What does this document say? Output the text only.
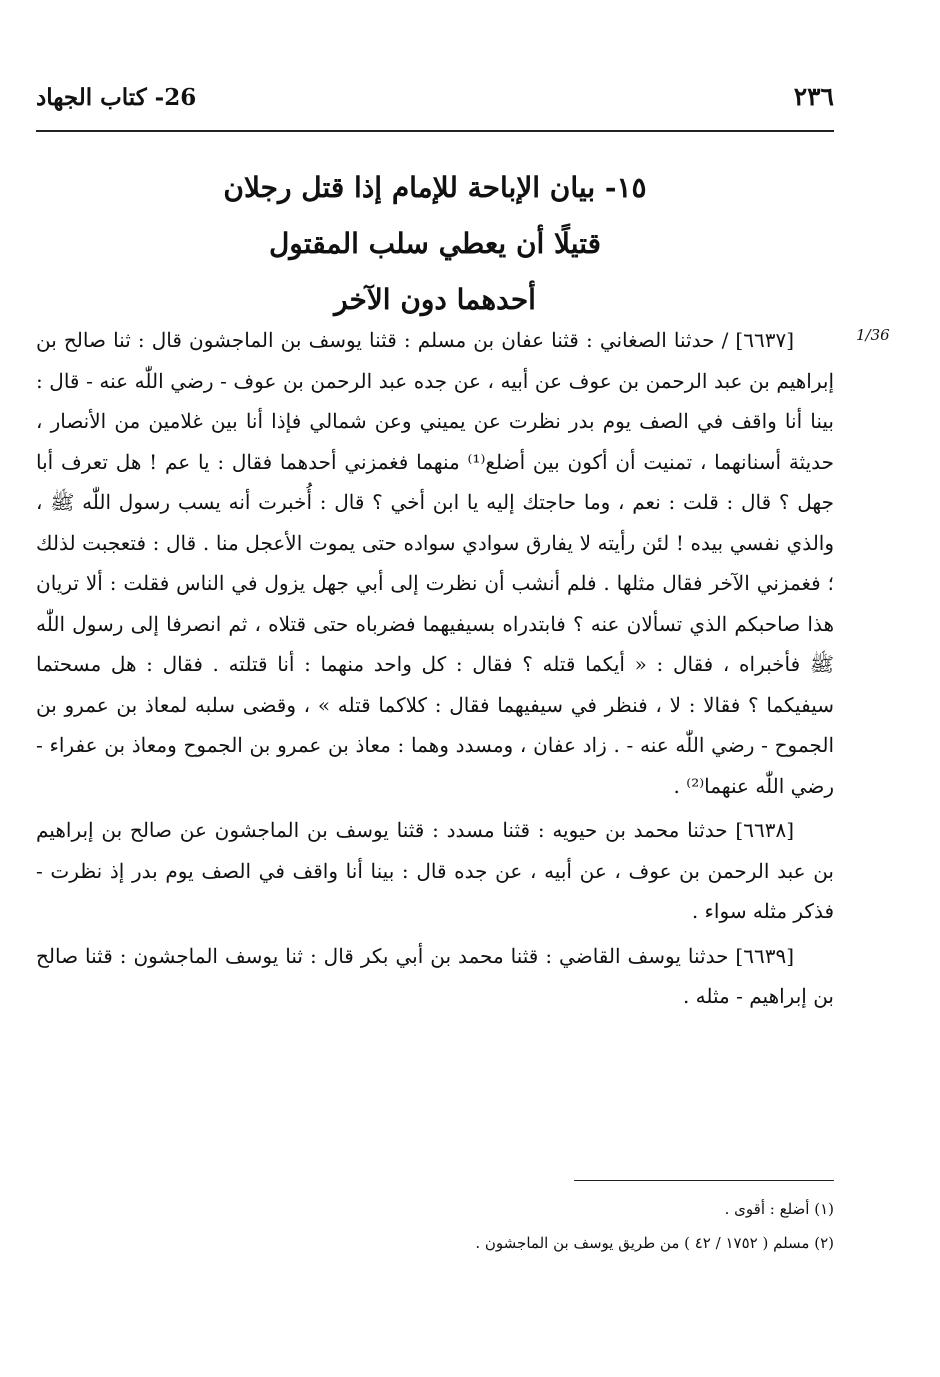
26- كتاب الجهاد	٢٣٦
١٥- بيان الإباحة للإمام إذا قتل رجلان
قتيلًا أن يعطي سلب المقتول
أحدهما دون الآخر
1/36

[٦٦٣٧] / حدثنا الصغاني : قثنا عفان بن مسلم : قثنا يوسف بن الماجشون قال : ثنا صالح بن إبراهيم بن عبد الرحمن بن عوف عن أبيه ، عن جده عبد الرحمن بن عوف - رضي اللّٰه عنه - قال : بينا أنا واقف في الصف يوم بدر نظرت عن يميني وعن شمالي فإذا أنا بين غلامين من الأنصار ، حديثة أسنانهما ، تمنيت أن أكون بين أضلع⁽¹⁾ منهما فغمزني أحدهما فقال : يا عم ! هل تعرف أبا جهل ؟ قال : قلت : نعم ، وما حاجتك إليه يا ابن أخي ؟ قال : أُخبرت أنه يسب رسول اللّٰه ﷺ ، والذي نفسي بيده ! لئن رأيته لا يفارق سوادي سواده حتى يموت الأعجل منا . قال : فتعجبت لذلك ؛ فغمزني الآخر فقال مثلها . فلم أنشب أن نظرت إلى أبي جهل يزول في الناس فقلت : ألا تريان هذا صاحبكم الذي تسألان عنه ؟ فابتدراه بسيفيهما فضرباه حتى قتلاه ، ثم انصرفا إلى رسول اللّٰه ﷺ فأخبراه ، فقال : « أيكما قتله ؟ فقال : كل واحد منهما : أنا قتلته . فقال : هل مسحتما سيفيكما ؟ فقالا : لا ، فنظر في سيفيهما فقال : كلاكما قتله » ، وقضى سلبه لمعاذ بن عمرو بن الجموح - رضي اللّٰه عنه - . زاد عفان ، ومسدد وهما : معاذ بن عمرو بن الجموح ومعاذ بن عفراء - رضي اللّٰه عنهما⁽²⁾ .

[٦٦٣٨] حدثنا محمد بن حيويه : قثنا مسدد : قثنا يوسف بن الماجشون عن صالح بن إبراهيم بن عبد الرحمن بن عوف ، عن أبيه ، عن جده قال : بينا أنا واقف في الصف يوم بدر إذ نظرت - فذكر مثله سواء .

[٦٦٣٩] حدثنا يوسف القاضي : قثنا محمد بن أبي بكر قال : ثنا يوسف الماجشون : قثنا صالح بن إبراهيم - مثله .

(١) أضلع : أقوى .
(٢) مسلم ( ١٧٥٢ / ٤٢ ) من طريق يوسف بن الماجشون .
